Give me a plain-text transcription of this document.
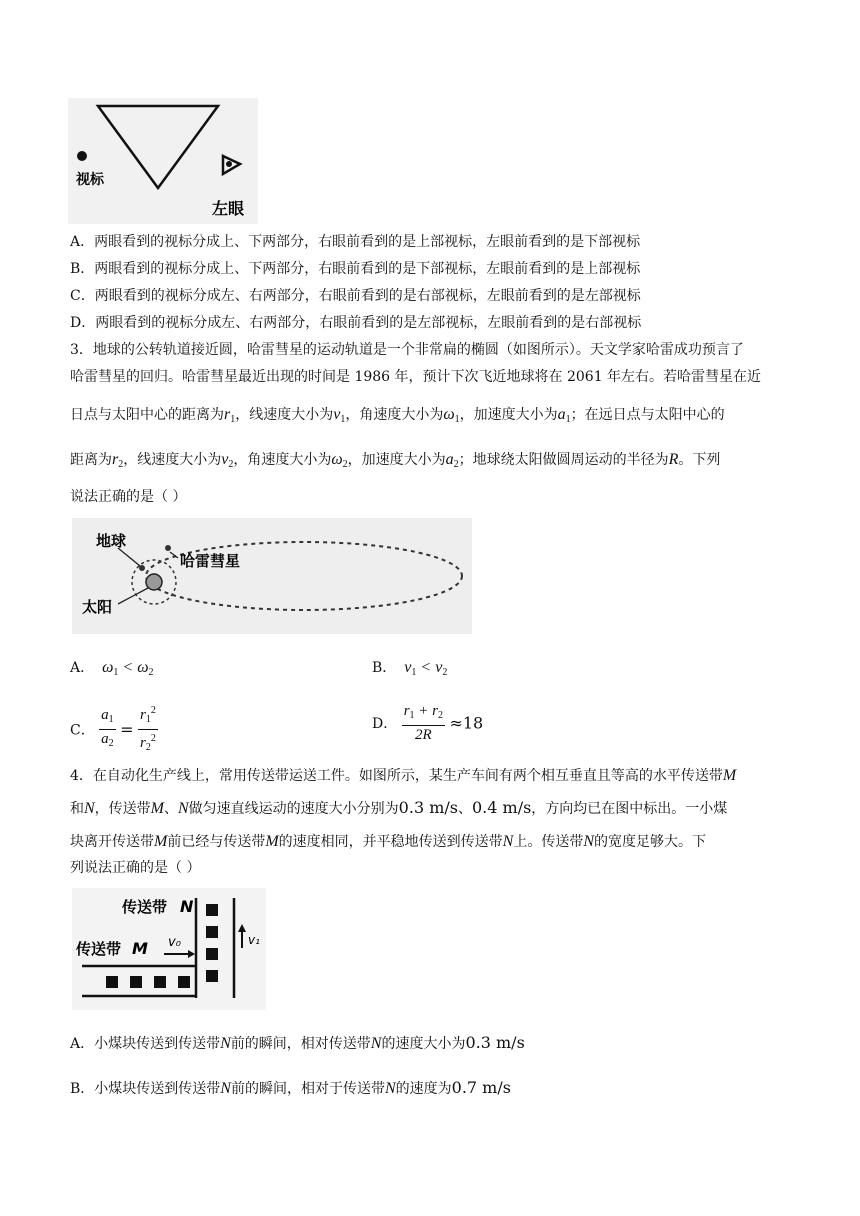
视标
左眼
A．两眼看到的视标分成上、下两部分，右眼前看到的是上部视标，左眼前看到的是下部视标
B．两眼看到的视标分成上、下两部分，右眼前看到的是下部视标，左眼前看到的是上部视标
C．两眼看到的视标分成左、右两部分，右眼前看到的是右部视标，左眼前看到的是左部视标
D．两眼看到的视标分成左、右两部分，右眼前看到的是左部视标，左眼前看到的是右部视标
3．地球的公转轨道接近圆，哈雷彗星的运动轨道是一个非常扁的椭圆（如图所示）。天文学家哈雷成功预言了
哈雷彗星的回归。哈雷彗星最近出现的时间是 1986 年，预计下次飞近地球将在 2061 年左右。若哈雷彗星在近
日点与太阳中心的距离为$r_1$，线速度大小为$v_1$，角速度大小为$\omega_1$，加速度大小为$a_1$；在远日点与太阳中心的
距离为$r_2$，线速度大小为$v_2$，角速度大小为$\omega_2$，加速度大小为$a_2$；地球绕太阳做圆周运动的半径为R。下列
说法正确的是（ ）
地球
哈雷彗星
太阳
A． $\omega_1 < \omega_2$	B． $v_1 < v_2$
C． $\frac{a_1}{a_2} = \frac{r_1^2}{r_2^2}$	D． $\frac{r_1 + r_2}{2R} \approx 18$
4．在自动化生产线上，常用传送带运送工件。如图所示，某生产车间有两个相互垂直且等高的水平传送带M
和N，传送带M、N做匀速直线运动的速度大小分别为0.3 m/s、0.4 m/s，方向均已在图中标出。一小煤
块离开传送带M前已经与传送带M的速度相同，并平稳地传送到传送带N上。传送带N的宽度足够大。下
列说法正确的是（ ）
传送带 N
传送带 M v₀	v₁
A．小煤块传送到传送带N前的瞬间，相对传送带N的速度大小为0.3 m/s
B．小煤块传送到传送带N前的瞬间，相对于传送带N的速度为0.7 m/s
